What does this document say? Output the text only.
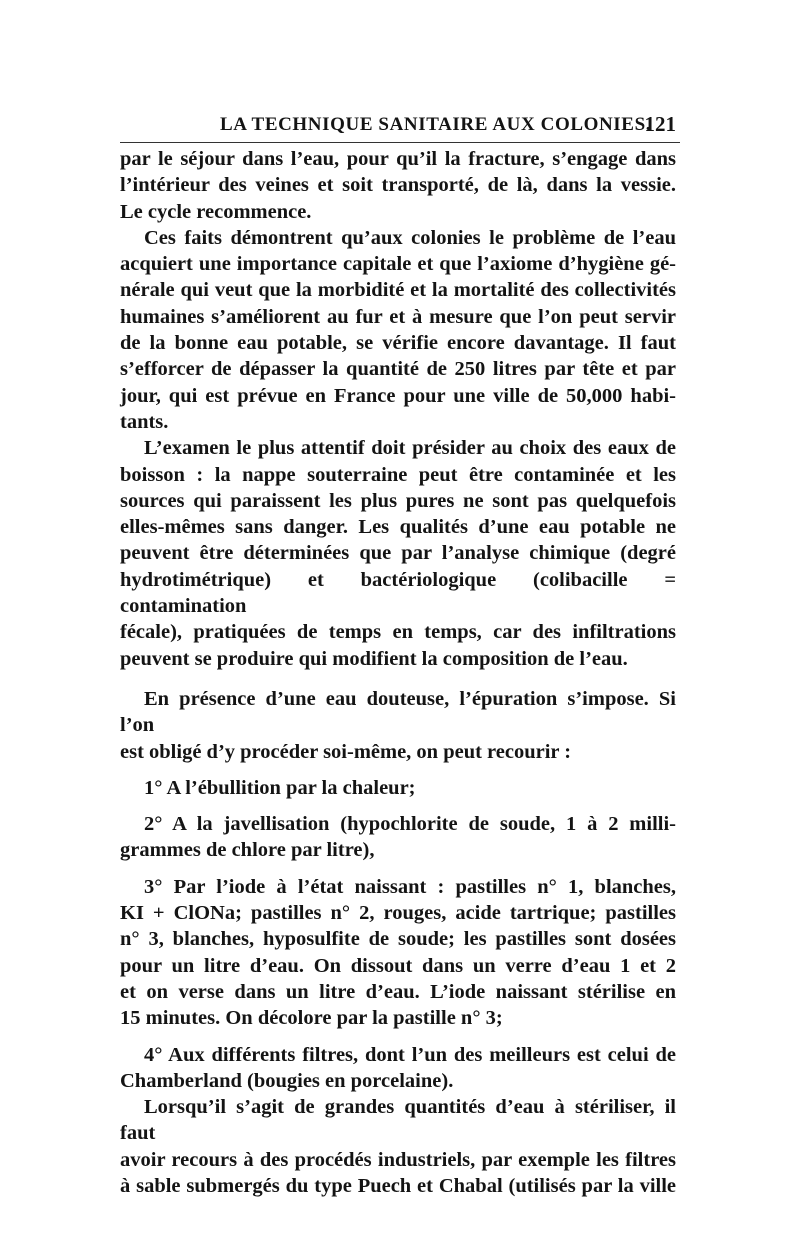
LA TECHNIQUE SANITAIRE AUX COLONIES.
121
par le séjour dans l’eau, pour qu’il la fracture, s’engage dans
l’intérieur des veines et soit transporté, de là, dans la vessie.
Le cycle recommence.
Ces faits démontrent qu’aux colonies le problème de l’eau
acquiert une importance capitale et que l’axiome d’hygiène gé-
nérale qui veut que la morbidité et la mortalité des collectivités
humaines s’améliorent au fur et à mesure que l’on peut servir
de la bonne eau potable, se vérifie encore davantage. Il faut
s’efforcer de dépasser la quantité de 250 litres par tête et par
jour, qui est prévue en France pour une ville de 50,000 habi-
tants.
L’examen le plus attentif doit présider au choix des eaux de
boisson : la nappe souterraine peut être contaminée et les
sources qui paraissent les plus pures ne sont pas quelquefois
elles-mêmes sans danger. Les qualités d’une eau potable ne
peuvent être déterminées que par l’analyse chimique (degré
hydrotimétrique) et bactériologique (colibacille = contamination
fécale), pratiquées de temps en temps, car des infiltrations
peuvent se produire qui modifient la composition de l’eau.
En présence d’une eau douteuse, l’épuration s’impose. Si l’on
est obligé d’y procéder soi-même, on peut recourir :
1° A l’ébullition par la chaleur;
2° A la javellisation (hypochlorite de soude, 1 à 2 milli-
grammes de chlore par litre),
3° Par l’iode à l’état naissant : pastilles n° 1, blanches,
KI + ClONa; pastilles n° 2, rouges, acide tartrique; pastilles
n° 3, blanches, hyposulfite de soude; les pastilles sont dosées
pour un litre d’eau. On dissout dans un verre d’eau 1 et 2
et on verse dans un litre d’eau. L’iode naissant stérilise en
15 minutes. On décolore par la pastille n° 3;
4° Aux différents filtres, dont l’un des meilleurs est celui de
Chamberland (bougies en porcelaine).
Lorsqu’il s’agit de grandes quantités d’eau à stériliser, il faut
avoir recours à des procédés industriels, par exemple les filtres
à sable submergés du type Puech et Chabal (utilisés par la ville
